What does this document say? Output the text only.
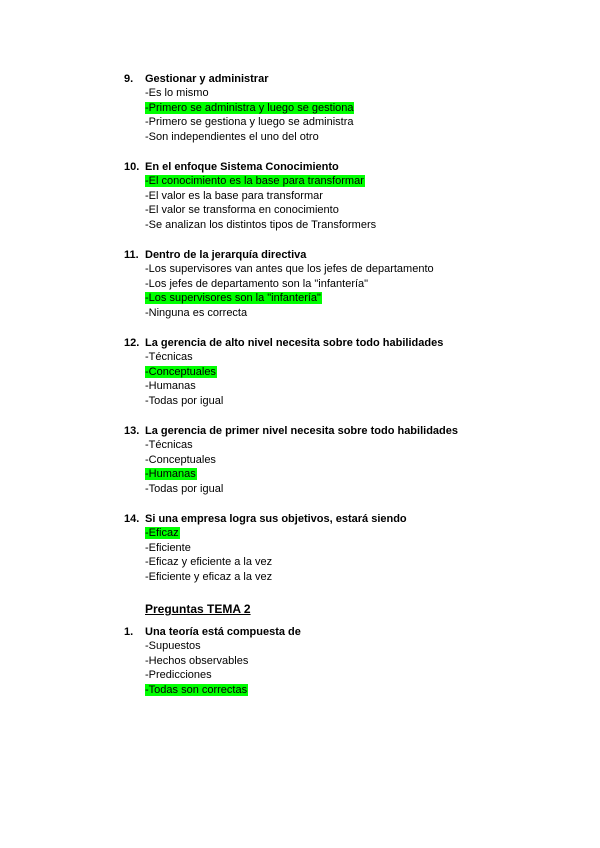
9. Gestionar y administrar
-Es lo mismo
-Primero se administra y luego se gestiona
-Primero se gestiona y luego se administra
-Son independientes el uno del otro
10. En el enfoque Sistema Conocimiento
-El conocimiento es la base para transformar
-El valor es la base para transformar
-El valor se transforma en conocimiento
-Se analizan los distintos tipos de Transformers
11. Dentro de la jerarquía directiva
-Los supervisores van antes que los jefes de departamento
-Los jefes de departamento son la "infantería"
-Los supervisores son la "infantería"
-Ninguna es correcta
12. La gerencia de alto nivel necesita sobre todo habilidades
-Técnicas
-Conceptuales
-Humanas
-Todas por igual
13. La gerencia de primer nivel necesita sobre todo habilidades
-Técnicas
-Conceptuales
-Humanas
-Todas por igual
14. Si una empresa logra sus objetivos, estará siendo
-Eficaz
-Eficiente
-Eficaz y eficiente a la vez
-Eficiente y eficaz a la vez
Preguntas TEMA 2
1. Una teoría está compuesta de
-Supuestos
-Hechos observables
-Predicciones
-Todas son correctas
